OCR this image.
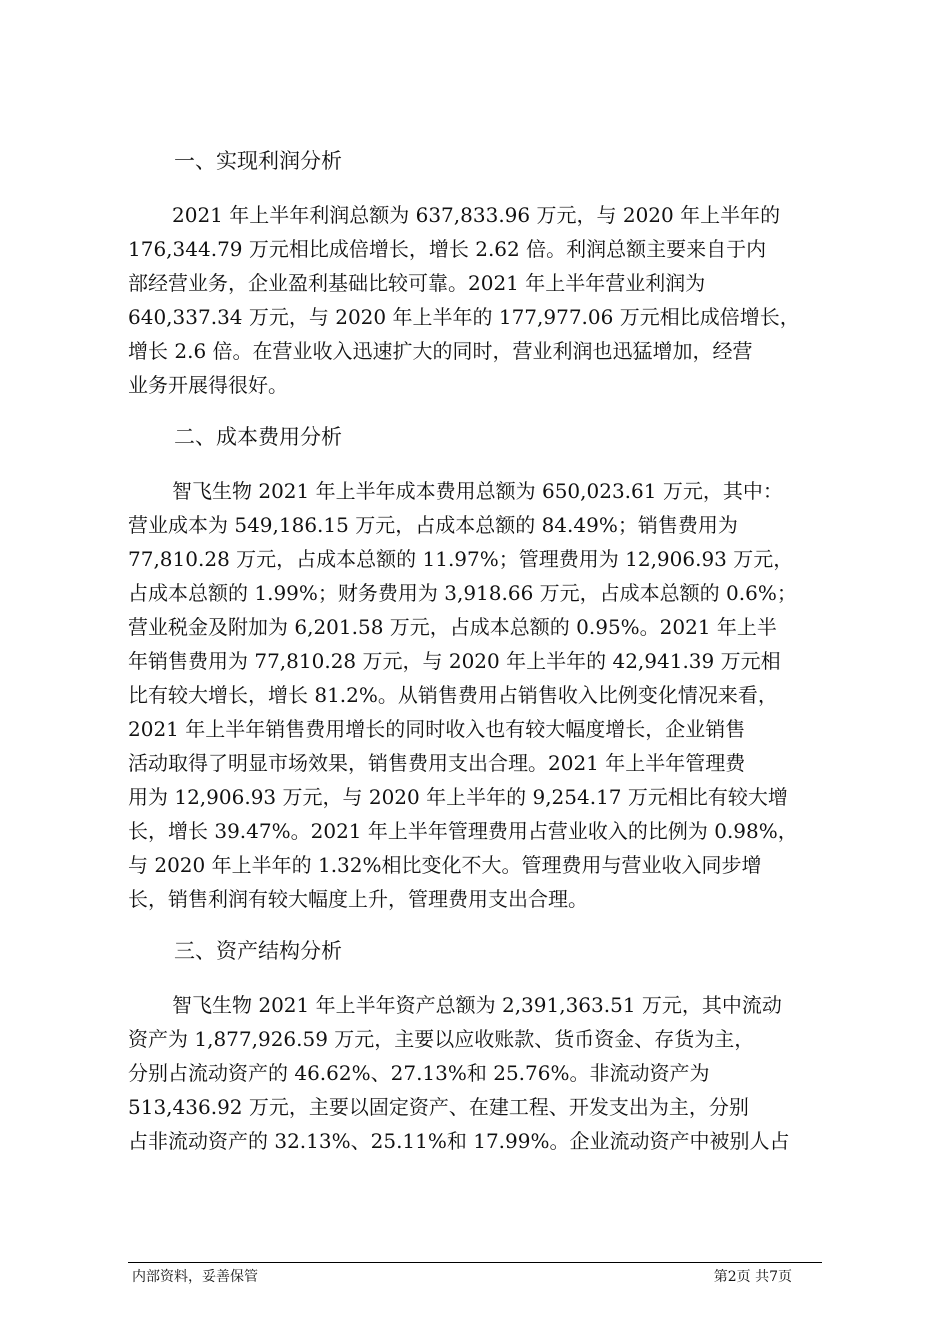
一、实现利润分析
2021 年上半年利润总额为 637,833.96 万元，与 2020 年上半年的
176,344.79 万元相比成倍增长，增长 2.62 倍。利润总额主要来自于内
部经营业务，企业盈利基础比较可靠。2021 年上半年营业利润为
640,337.34 万元，与 2020 年上半年的 177,977.06 万元相比成倍增长，
增长 2.6 倍。在营业收入迅速扩大的同时，营业利润也迅猛增加，经营
业务开展得很好。
二、成本费用分析
智飞生物 2021 年上半年成本费用总额为 650,023.61 万元，其中：
营业成本为 549,186.15 万元，占成本总额的 84.49%；销售费用为
77,810.28 万元，占成本总额的 11.97%；管理费用为 12,906.93 万元，
占成本总额的 1.99%；财务费用为 3,918.66 万元，占成本总额的 0.6%；
营业税金及附加为 6,201.58 万元，占成本总额的 0.95%。2021 年上半
年销售费用为 77,810.28 万元，与 2020 年上半年的 42,941.39 万元相
比有较大增长，增长 81.2%。从销售费用占销售收入比例变化情况来看，
2021 年上半年销售费用增长的同时收入也有较大幅度增长，企业销售
活动取得了明显市场效果，销售费用支出合理。2021 年上半年管理费
用为 12,906.93 万元，与 2020 年上半年的 9,254.17 万元相比有较大增
长，增长 39.47%。2021 年上半年管理费用占营业收入的比例为 0.98%，
与 2020 年上半年的 1.32%相比变化不大。管理费用与营业收入同步增
长，销售利润有较大幅度上升，管理费用支出合理。
三、资产结构分析
智飞生物 2021 年上半年资产总额为 2,391,363.51 万元，其中流动
资产为 1,877,926.59 万元，主要以应收账款、货币资金、存货为主，
分别占流动资产的 46.62%、27.13%和 25.76%。非流动资产为
513,436.92 万元，主要以固定资产、在建工程、开发支出为主，分别
占非流动资产的 32.13%、25.11%和 17.99%。企业流动资产中被别人占
内部资料，妥善保管	第2页 共7页
